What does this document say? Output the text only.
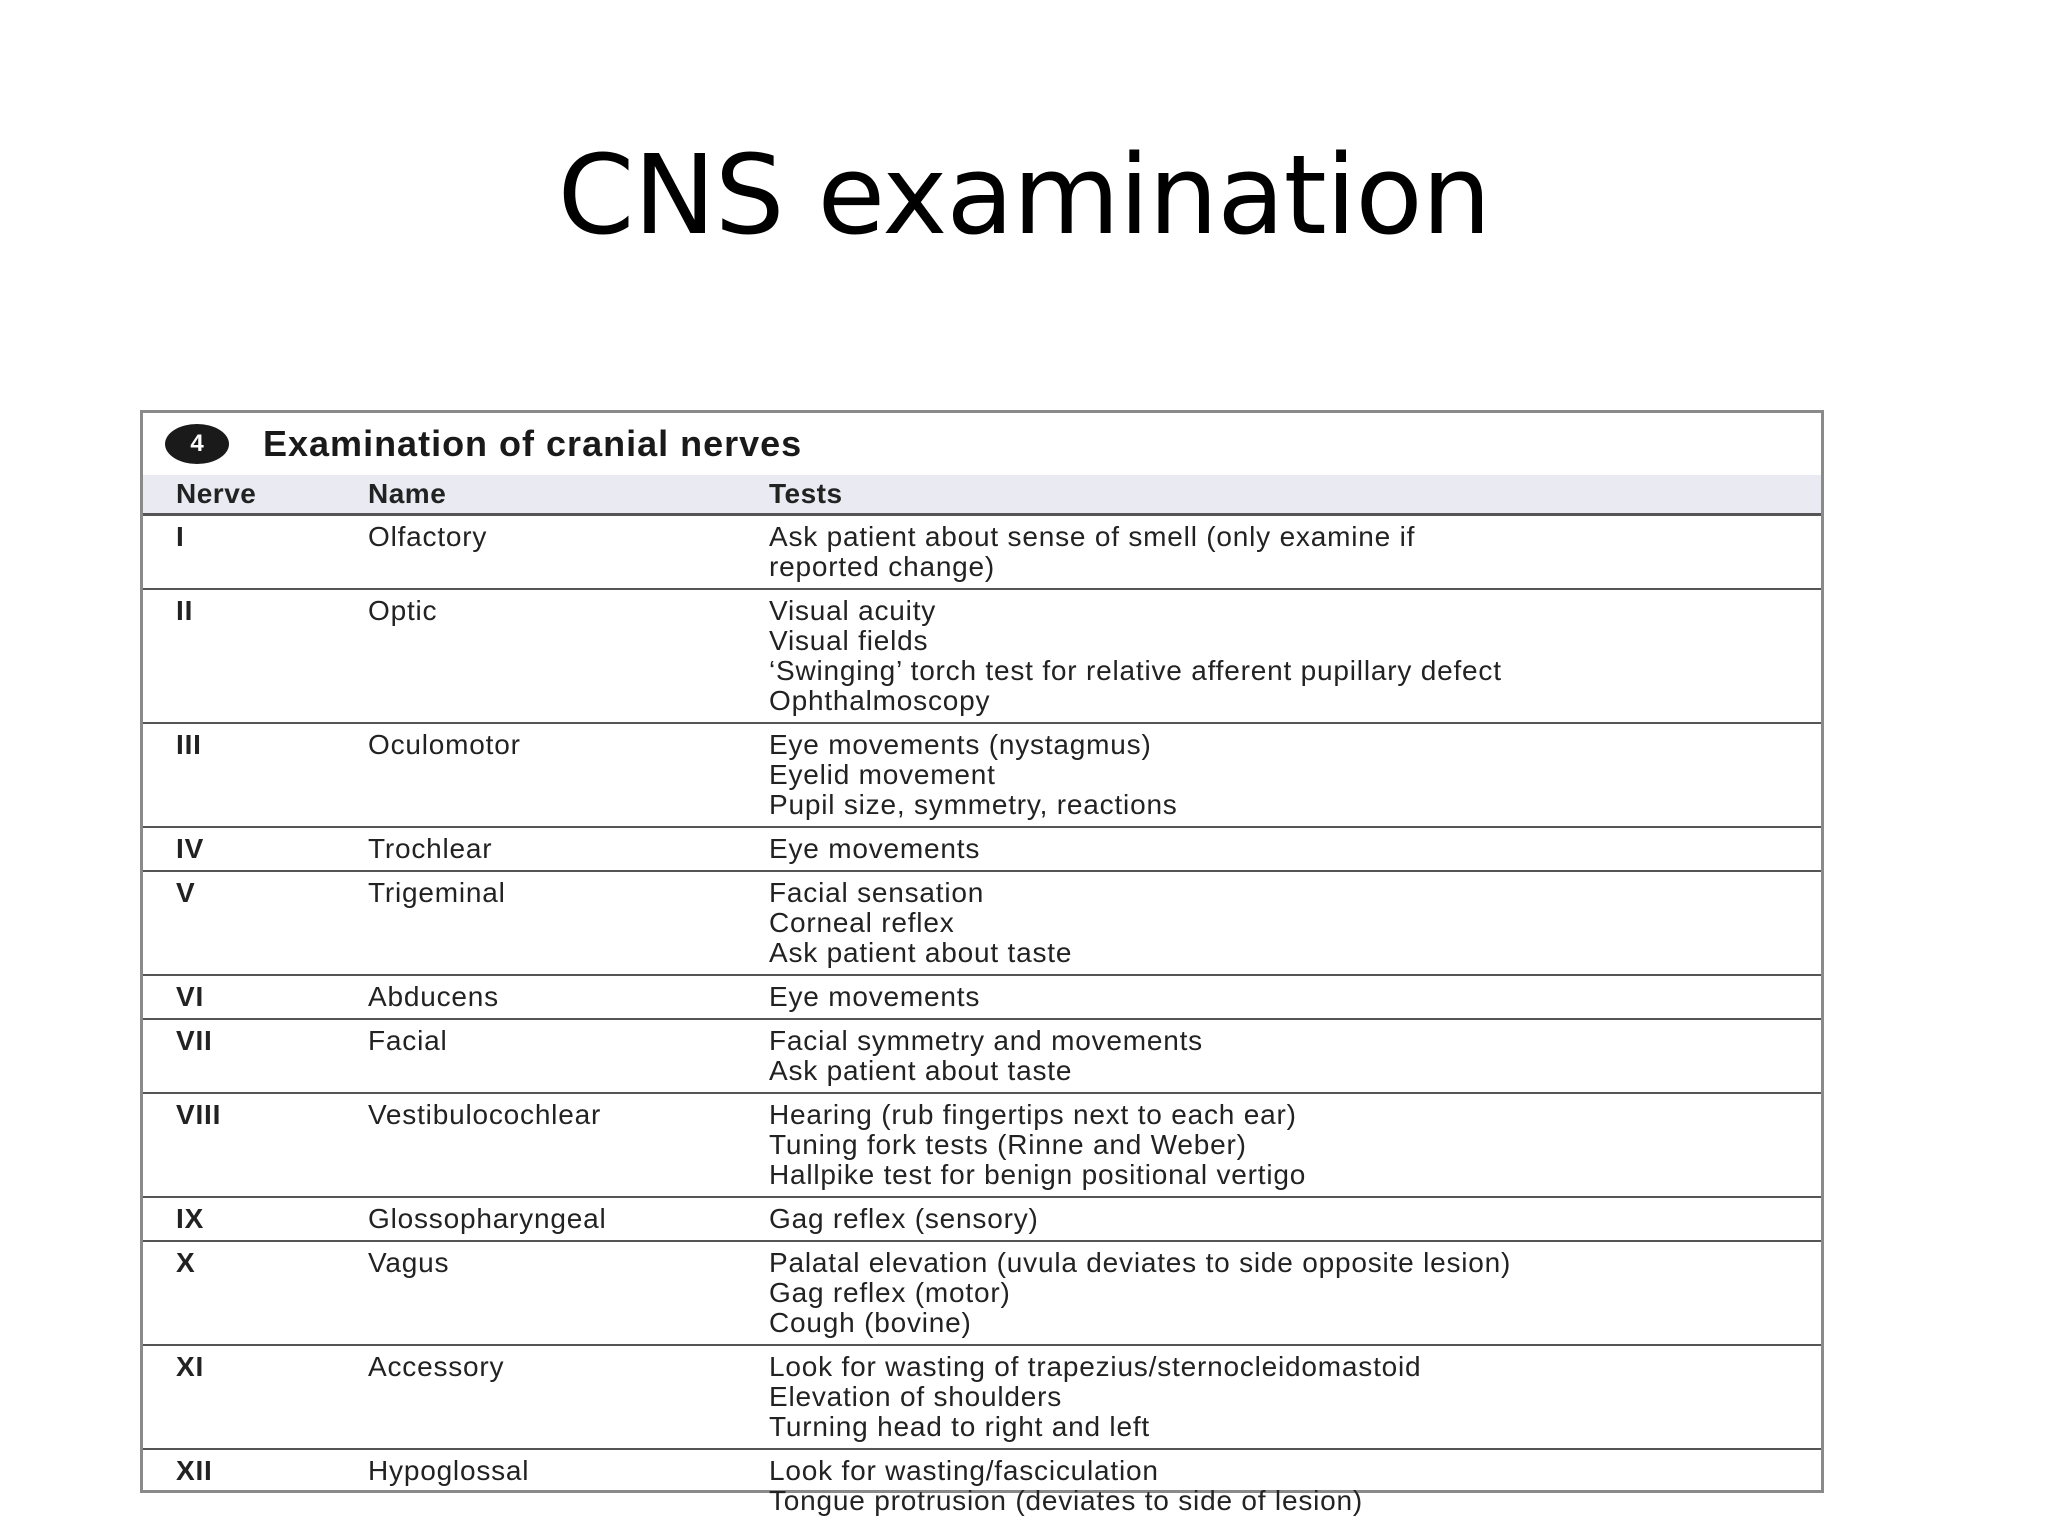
CNS examination
4	Examination of cranial nerves
Nerve	Name	Tests
I	Olfactory	Ask patient about sense of smell (only examine if
reported change)

II	Optic	Visual acuity
Visual fields
‘Swinging’ torch test for relative afferent pupillary defect
Ophthalmoscopy

III	Oculomotor	Eye movements (nystagmus)
Eyelid movement
Pupil size, symmetry, reactions

IV	Trochlear	Eye movements

V	Trigeminal	Facial sensation
Corneal reflex
Ask patient about taste

VI	Abducens	Eye movements

VII	Facial	Facial symmetry and movements
Ask patient about taste

VIII	Vestibulocochlear	Hearing (rub fingertips next to each ear)
Tuning fork tests (Rinne and Weber)
Hallpike test for benign positional vertigo

IX	Glossopharyngeal	Gag reflex (sensory)

X	Vagus	Palatal elevation (uvula deviates to side opposite lesion)
Gag reflex (motor)
Cough (bovine)

XI	Accessory	Look for wasting of trapezius/sternocleidomastoid
Elevation of shoulders
Turning head to right and left

XII	Hypoglossal	Look for wasting/fasciculation
Tongue protrusion (deviates to side of lesion)
